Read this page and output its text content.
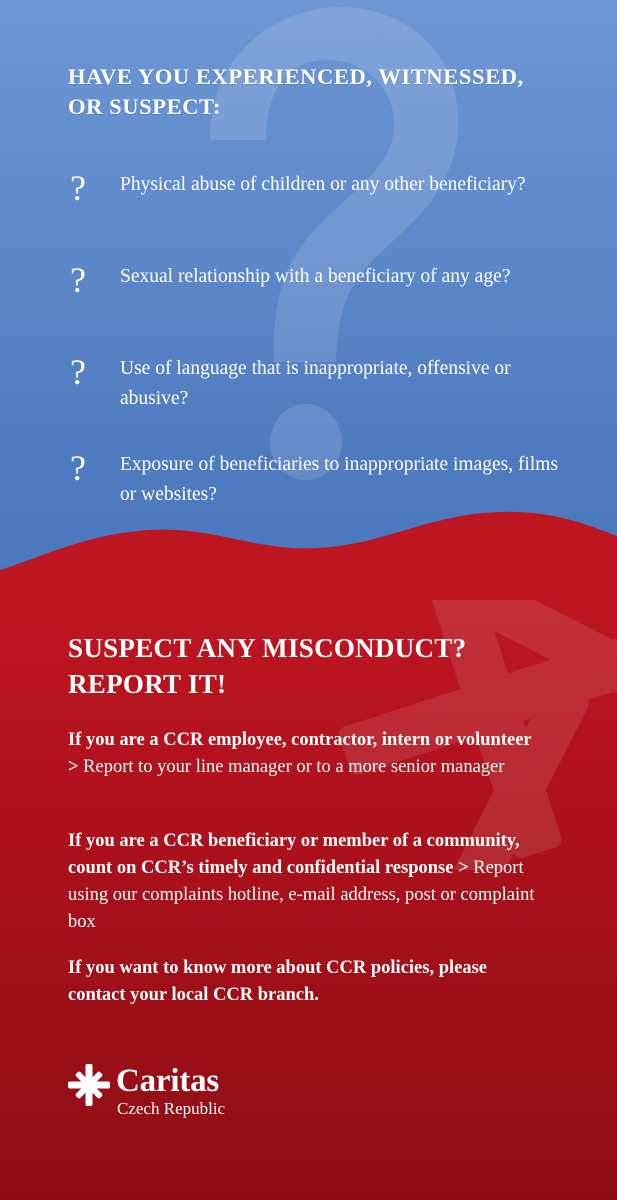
HAVE YOU EXPERIENCED, WITNESSED, OR SUSPECT:
?	Physical abuse of children or any other beneficiary?
?	Sexual relationship with a beneficiary of any age?
?	Use of language that is inappropriate, offensive or abusive?
?	Exposure of beneficiaries to inappropriate images, films or websites?
SUSPECT ANY MISCONDUCT? REPORT IT!
If you are a CCR employee, contractor, intern or volunteer > Report to your line manager or to a more senior manager
If you are a CCR beneficiary or member of a community, count on CCR’s timely and confidential response > Report using our complaints hotline, e-mail address, post or complaint box
If you want to know more about CCR policies, please contact your local CCR branch.
Caritas
Czech Republic
